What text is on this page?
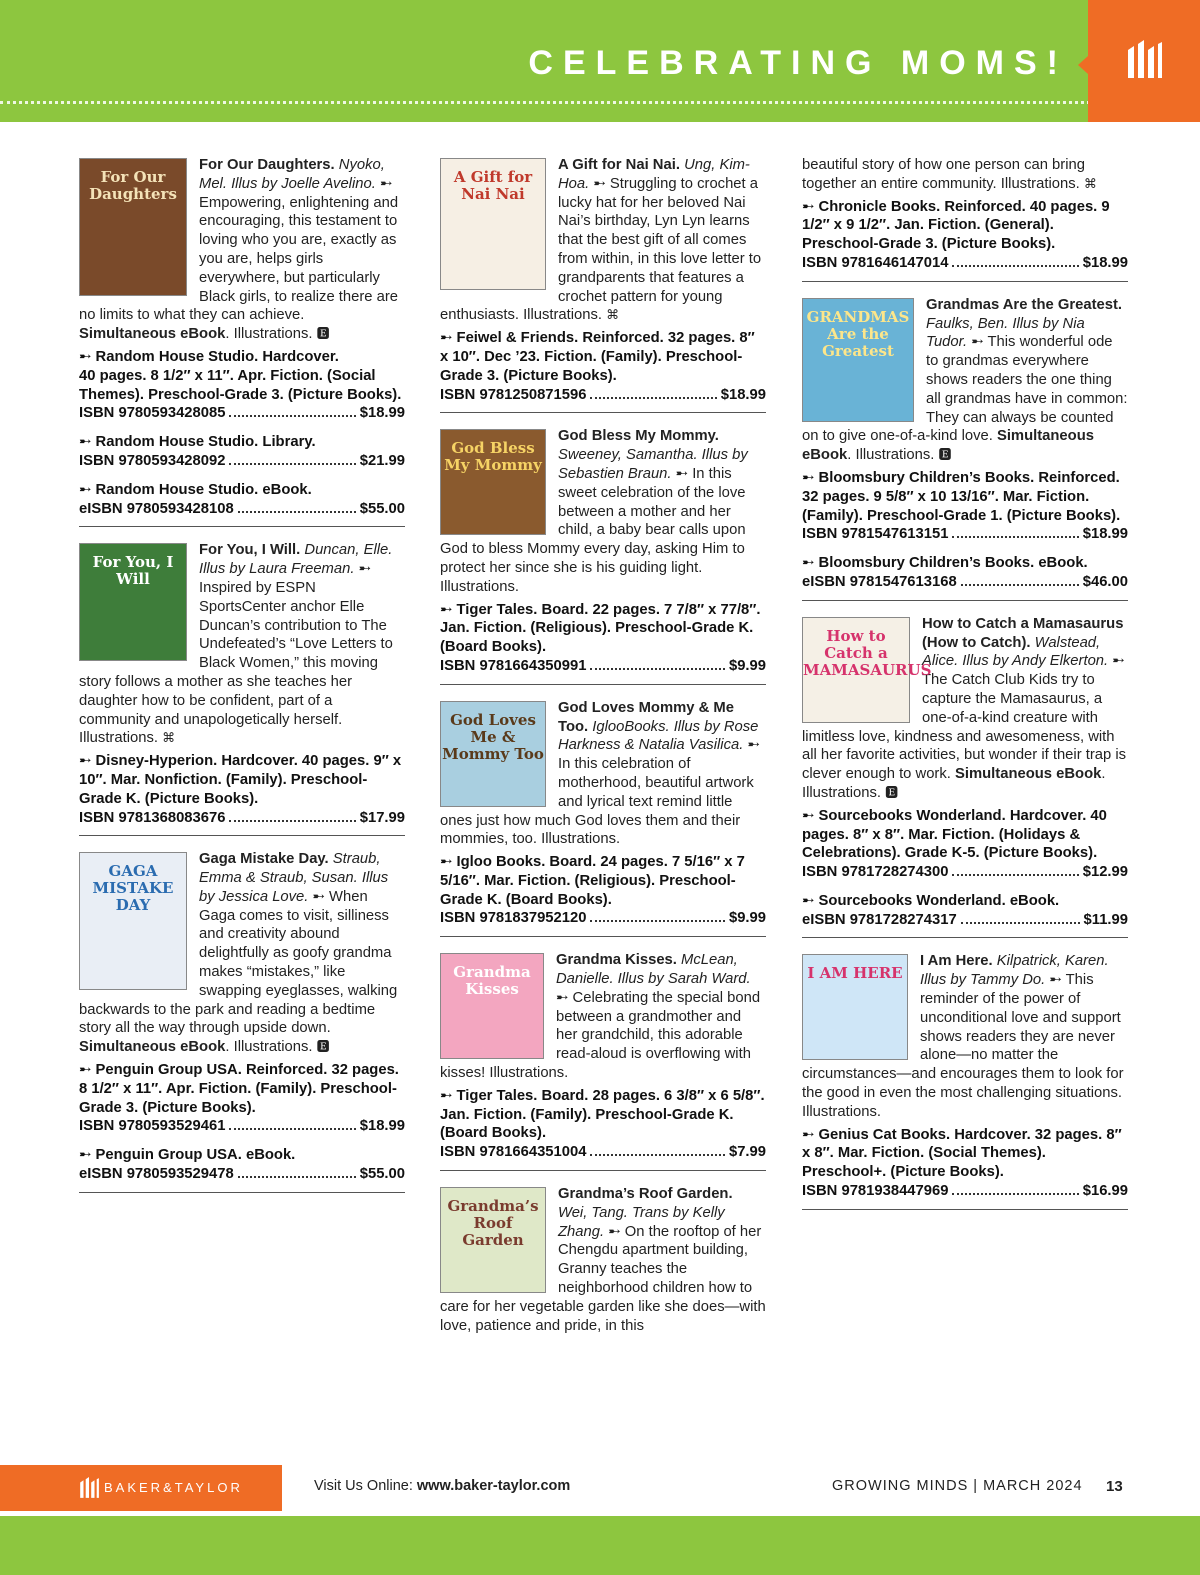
CELEBRATING MOMS!
For Our Daughters
For Our Daughters. Nyoko, Mel. Illus by Joelle Avelino. ➸ Empowering, enlightening and encouraging, this testament to loving who you are, exactly as you are, helps girls everywhere, but particularly Black girls, to realize there are no limits to what they can achieve. Simultaneous eBook. Illustrations. 🅴
➸ Random House Studio. Hardcover.
40 pages. 8 1/2″ x 11″. Apr. Fiction. (Social Themes). Preschool-Grade 3. (Picture Books).
ISBN 9780593428085	$18.99
➸ Random House Studio. Library.
ISBN 9780593428092	$21.99
➸ Random House Studio. eBook.
eISBN 9780593428108	$55.00
For You, I Will
For You, I Will. Duncan, Elle. Illus by Laura Freeman. ➸ Inspired by ESPN SportsCenter anchor Elle Duncan’s contribution to The Undefeated’s “Love Letters to Black Women,” this moving story follows a mother as she teaches her daughter how to be confident, part of a community and unapologetically herself. Illustrations. ⌘
➸ Disney-Hyperion. Hardcover. 40 pages. 9″ x 10″. Mar. Nonfiction. (Family). Preschool-Grade K. (Picture Books).
ISBN 9781368083676	$17.99
GAGA MISTAKE DAY
Gaga Mistake Day. Straub, Emma & Straub, Susan. Illus by Jessica Love. ➸ When Gaga comes to visit, silliness and creativity abound delightfully as goofy grandma makes “mistakes,” like swapping eyeglasses, walking backwards to the park and reading a bedtime story all the way through upside down. Simultaneous eBook. Illustrations. 🅴
➸ Penguin Group USA. Reinforced. 32 pages. 8 1/2″ x 11″. Apr. Fiction. (Family). Preschool-Grade 3. (Picture Books).
ISBN 9780593529461	$18.99
➸ Penguin Group USA. eBook.
eISBN 9780593529478	$55.00
A Gift for Nai Nai
A Gift for Nai Nai. Ung, Kim-Hoa. ➸ Struggling to crochet a lucky hat for her beloved Nai Nai’s birthday, Lyn Lyn learns that the best gift of all comes from within, in this love letter to grandparents that features a crochet pattern for young enthusiasts. Illustrations. ⌘
➸ Feiwel & Friends. Reinforced. 32 pages. 8″ x 10″. Dec ’23. Fiction. (Family). Preschool-Grade 3. (Picture Books).
ISBN 9781250871596	$18.99
God Bless My Mommy
God Bless My Mommy. Sweeney, Samantha. Illus by Sebastien Braun. ➸ In this sweet celebration of the love between a mother and her child, a baby bear calls upon God to bless Mommy every day, asking Him to protect her since she is his guiding light. Illustrations.
➸ Tiger Tales. Board. 22 pages. 7 7/8″ x 77/8″. Jan. Fiction. (Religious). Preschool-Grade K. (Board Books).
ISBN 9781664350991	$9.99
God Loves Me & Mommy Too
God Loves Mommy & Me Too. IglooBooks. Illus by Rose Harkness & Natalia Vasilica. ➸ In this celebration of motherhood, beautiful artwork and lyrical text remind little ones just how much God loves them and their mommies, too. Illustrations.
➸ Igloo Books. Board. 24 pages. 7 5/16″ x 7 5/16″. Mar. Fiction. (Religious). Preschool-Grade K. (Board Books).
ISBN 9781837952120	$9.99
Grandma Kisses
Grandma Kisses. McLean, Danielle. Illus by Sarah Ward. ➸ Celebrating the special bond between a grandmother and her grandchild, this adorable read-aloud is overflowing with kisses! Illustrations.
➸ Tiger Tales. Board. 28 pages. 6 3/8″ x 6 5/8″. Jan. Fiction. (Family). Preschool-Grade K. (Board Books).
ISBN 9781664351004	$7.99
Grandma’s Roof Garden
Grandma’s Roof Garden. Wei, Tang. Trans by Kelly Zhang. ➸ On the rooftop of her Chengdu apartment building, Granny teaches the neighborhood children how to care for her vegetable garden like she does—with love, patience and pride, in this
beautiful story of how one person can bring together an entire community. Illustrations. ⌘
➸ Chronicle Books. Reinforced. 40 pages. 9 1/2″ x 9 1/2″. Jan. Fiction. (General). Preschool-Grade 3. (Picture Books).
ISBN 9781646147014	$18.99
GRANDMAS Are the Greatest
Grandmas Are the Greatest. Faulks, Ben. Illus by Nia Tudor. ➸ This wonderful ode to grandmas everywhere shows readers the one thing all grandmas have in common: They can always be counted on to give one-of-a-kind love. Simultaneous eBook. Illustrations. 🅴
➸ Bloomsbury Children’s Books. Reinforced. 32 pages. 9 5/8″ x 10 13/16″. Mar. Fiction. (Family). Preschool-Grade 1. (Picture Books).
ISBN 9781547613151	$18.99
➸ Bloomsbury Children’s Books. eBook.
eISBN 9781547613168	$46.00
How to Catch a MAMASAURUS
How to Catch a Mamasaurus (How to Catch). Walstead, Alice. Illus by Andy Elkerton. ➸ The Catch Club Kids try to capture the Mamasaurus, a one-of-a-kind creature with limitless love, kindness and awesomeness, with all her favorite activities, but wonder if their trap is clever enough to work. Simultaneous eBook. Illustrations. 🅴
➸ Sourcebooks Wonderland. Hardcover. 40 pages. 8″ x 8″. Mar. Fiction. (Holidays & Celebrations). Grade K-5. (Picture Books).
ISBN 9781728274300	$12.99
➸ Sourcebooks Wonderland. eBook.
eISBN 9781728274317	$11.99
I AM HERE
I Am Here. Kilpatrick, Karen. Illus by Tammy Do. ➸ This reminder of the power of unconditional love and support shows readers they are never alone—no matter the circumstances—and encourages them to look for the good in even the most challenging situations. Illustrations.
➸ Genius Cat Books. Hardcover. 32 pages. 8″ x 8″. Mar. Fiction. (Social Themes). Preschool+. (Picture Books).
ISBN 9781938447969	$16.99
BAKER&TAYLOR	Visit Us Online: www.baker-taylor.com	GROWING MINDS | MARCH 2024 13
